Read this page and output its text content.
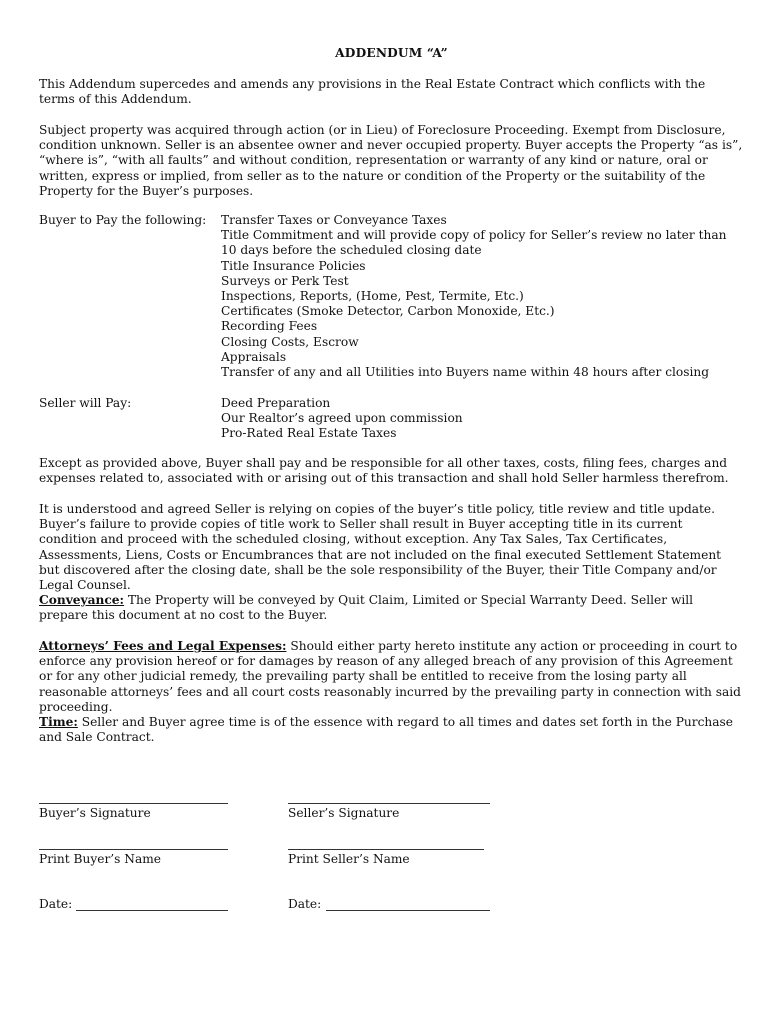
ADDENDUM “A”

This Addendum supercedes and amends any provisions in the Real Estate Contract which conflicts with the terms of this Addendum.

Subject property was acquired through action (or in Lieu) of Foreclosure Proceeding. Exempt from Disclosure, condition unknown. Seller is an absentee owner and never occupied property. Buyer accepts the Property “as is”, “where is”, “with all faults” and without condition, representation or warranty of any kind or nature, oral or written, express or implied, from seller as to the nature or condition of the Property or the suitability of the Property for the Buyer’s purposes.

Buyer to Pay the following: Transfer Taxes or Conveyance Taxes
Title Commitment and will provide copy of policy for Seller’s review no later than 10 days before the scheduled closing date
Title Insurance Policies
Surveys or Perk Test
Inspections, Reports, (Home, Pest, Termite, Etc.)
Certificates (Smoke Detector, Carbon Monoxide, Etc.)
Recording Fees
Closing Costs, Escrow
Appraisals
Transfer of any and all Utilities into Buyers name within 48 hours after closing
Seller will Pay:	Deed Preparation
Our Realtor’s agreed upon commission
Pro-Rated Real Estate Taxes

Except as provided above, Buyer shall pay and be responsible for all other taxes, costs, filing fees, charges and expenses related to, associated with or arising out of this transaction and shall hold Seller harmless therefrom.

It is understood and agreed Seller is relying on copies of the buyer’s title policy, title review and title update. Buyer’s failure to provide copies of title work to Seller shall result in Buyer accepting title in its current condition and proceed with the scheduled closing, without exception. Any Tax Sales, Tax Certificates, Assessments, Liens, Costs or Encumbrances that are not included on the final executed Settlement Statement but discovered after the closing date, shall be the sole responsibility of the Buyer, their Title Company and/or Legal Counsel.

Conveyance: The Property will be conveyed by Quit Claim, Limited or Special Warranty Deed. Seller will prepare this document at no cost to the Buyer.

Attorneys’ Fees and Legal Expenses: Should either party hereto institute any action or proceeding in court to enforce any provision hereof or for damages by reason of any alleged breach of any provision of this Agreement or for any other judicial remedy, the prevailing party shall be entitled to receive from the losing party all reasonable attorneys’ fees and all court costs reasonably incurred by the prevailing party in connection with said proceeding.

Time: Seller and Buyer agree time is of the essence with regard to all times and dates set forth in the Purchase and Sale Contract.

Buyer’s Signature	Seller’s Signature
Print Buyer’s Name	Print Seller’s Name
Date:	Date:
